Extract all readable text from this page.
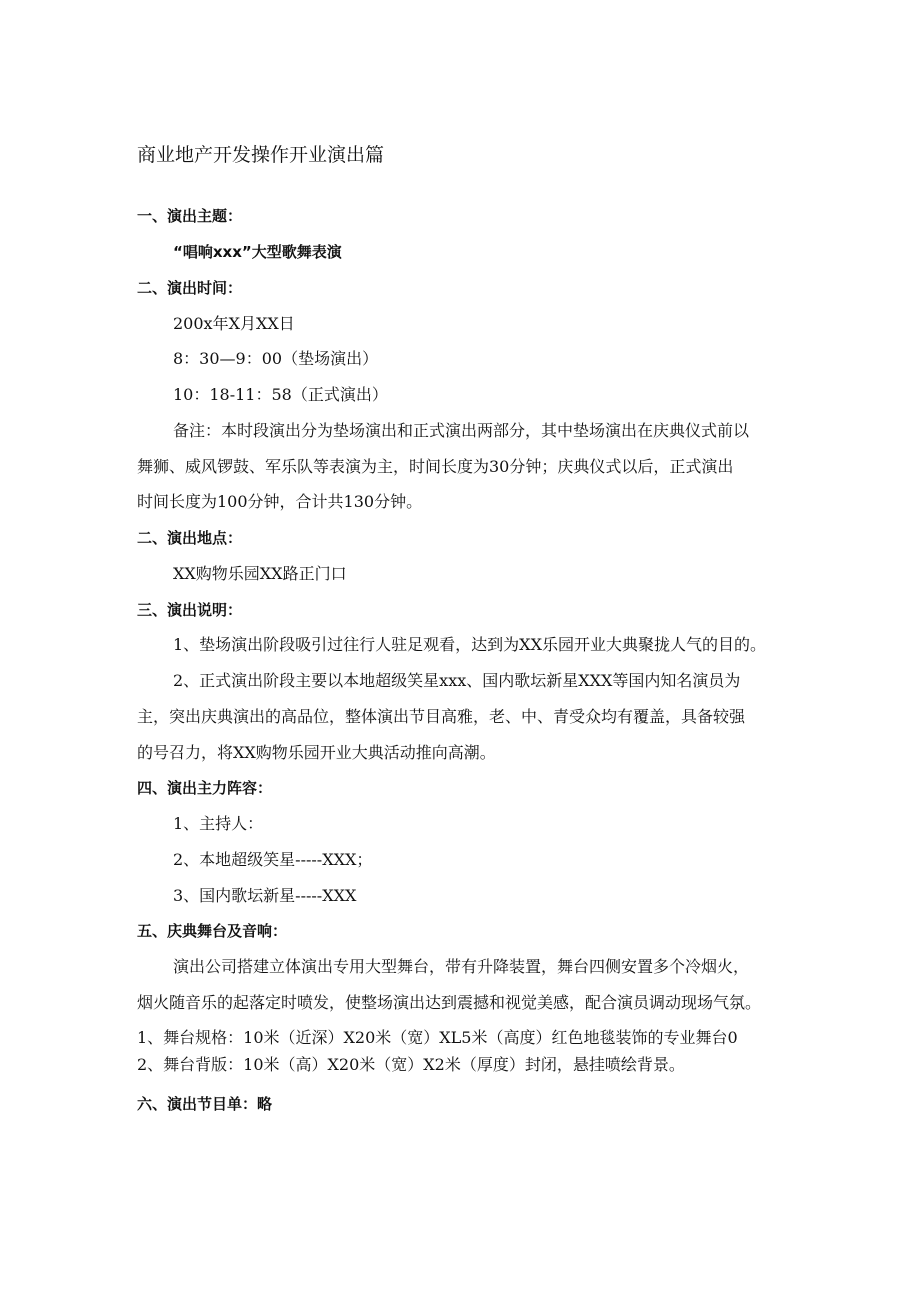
商业地产开发操作开业演出篇
一、演出主题：
“唱响xxx”大型歌舞表演
二、演出时间：
200x年X月XX日
8：30—9：00（垫场演出）
10：18-11：58（正式演出）
备注：本时段演出分为垫场演出和正式演出两部分，其中垫场演出在庆典仪式前以
舞狮、威风锣鼓、军乐队等表演为主，时间长度为30分钟；庆典仪式以后，正式演出
时间长度为100分钟，合计共130分钟。
二、演出地点：
XX购物乐园XX路正门口
三、演出说明：
1、垫场演出阶段吸引过往行人驻足观看，达到为XX乐园开业大典聚拢人气的目的。
2、正式演出阶段主要以本地超级笑星xxx、国内歌坛新星XXX等国内知名演员为
主，突出庆典演出的高品位，整体演出节目高雅，老、中、青受众均有覆盖，具备较强
的号召力，将XX购物乐园开业大典活动推向高潮。
四、演出主力阵容：
1、主持人：
2、本地超级笑星-----XXX；
3、国内歌坛新星-----XXX
五、庆典舞台及音响：
演出公司搭建立体演出专用大型舞台，带有升降装置，舞台四侧安置多个冷烟火，
烟火随音乐的起落定时喷发，使整场演出达到震撼和视觉美感，配合演员调动现场气氛。
1、舞台规格：10米（近深）X20米（宽）XL5米（高度）红色地毯装饰的专业舞台0
2、舞台背版：10米（高）X20米（宽）X2米（厚度）封闭，悬挂喷绘背景。
六、演出节目单：略
